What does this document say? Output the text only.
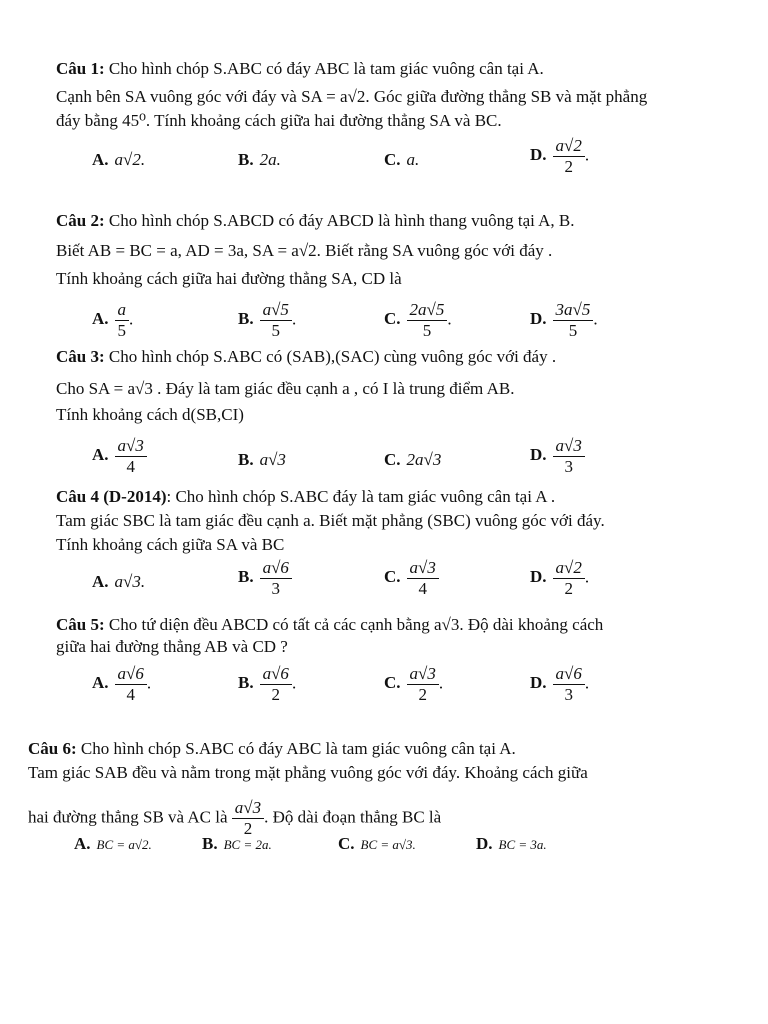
Câu 1: Cho hình chóp S.ABC có đáy ABC là tam giác vuông cân tại A.
Cạnh bên SA vuông góc với đáy và SA = a√2. Góc giữa đường thẳng SB và mặt phẳng
đáy bằng 45⁰. Tính khoảng cách giữa hai đường thẳng SA và BC.
A. a√2.	B. 2a.	C. a.	D. $\frac{a√2}{2}$ .
Câu 2: Cho hình chóp S.ABCD có đáy ABCD là hình thang vuông tại A, B.
Biết AB = BC = a, AD = 3a, SA = a√2. Biết rằng SA vuông góc với đáy .
Tính khoảng cách giữa hai đường thẳng SA, CD là
A. $\frac{a}{5}$ .	B. $\frac{a√5}{5}$ .	C. $\frac{2a√5}{5}$ .	D. $\frac{3a√5}{5}$ .
Câu 3: Cho hình chóp S.ABC có (SAB),(SAC) cùng vuông góc với đáy .
Cho SA = a√3 . Đáy là tam giác đều cạnh a , có I là trung điểm AB.
Tính khoảng cách d(SB,CI)
A. $\frac{a√3}{4}$	B. a√3	C. 2a√3	D. $\frac{a√3}{3}$
Câu 4 (D-2014): Cho hình chóp S.ABC đáy là tam giác vuông cân tại A .
Tam giác SBC là tam giác đều cạnh a. Biết mặt phẳng (SBC) vuông góc với đáy.
Tính khoảng cách giữa SA và BC
A. a√3.	B. $\frac{a√6}{3}$	C. $\frac{a√3}{4}$	D. $\frac{a√2}{2}$ .
Câu 5: Cho tứ diện đều ABCD có tất cả các cạnh bằng a√3. Độ dài khoảng cách
giữa hai đường thẳng AB và CD ?
A. $\frac{a√6}{4}$ .	B. $\frac{a√6}{2}$ .	C. $\frac{a√3}{2}$ .	D. $\frac{a√6}{3}$ .
Câu 6: Cho hình chóp S.ABC có đáy ABC là tam giác vuông cân tại A.
Tam giác SAB đều và nằm trong mặt phẳng vuông góc với đáy. Khoảng cách giữa
hai đường thẳng SB và AC là $\frac{a√3}{2}$ . Độ dài đoạn thẳng BC là
A. BC = a√2.	B. BC = 2a.	C. BC = a√3.	D. BC = 3a.
